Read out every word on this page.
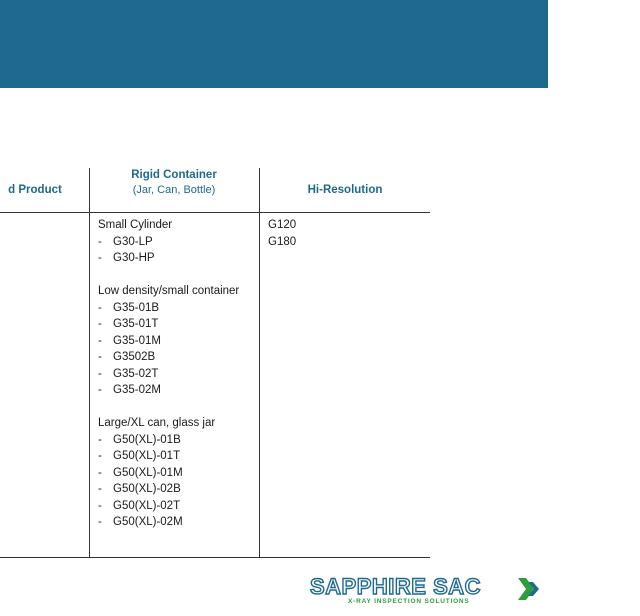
d Product
Rigid Container
(Jar, Can, Bottle)	Hi-Resolution
Small Cylinder
- G30-LP
- G30-HP
Low density/small container
- G35-01B
- G35-01T
- G35-01M
- G3502B
- G35-02T
- G35-02M
Large/XL can, glass jar
- G50(XL)-01B
- G50(XL)-01T
- G50(XL)-01M
- G50(XL)-02B
- G50(XL)-02T
- G50(XL)-02M
G120
G180
SAPPHIRE SAC
X-RAY INSPECTION SOLUTIONS
